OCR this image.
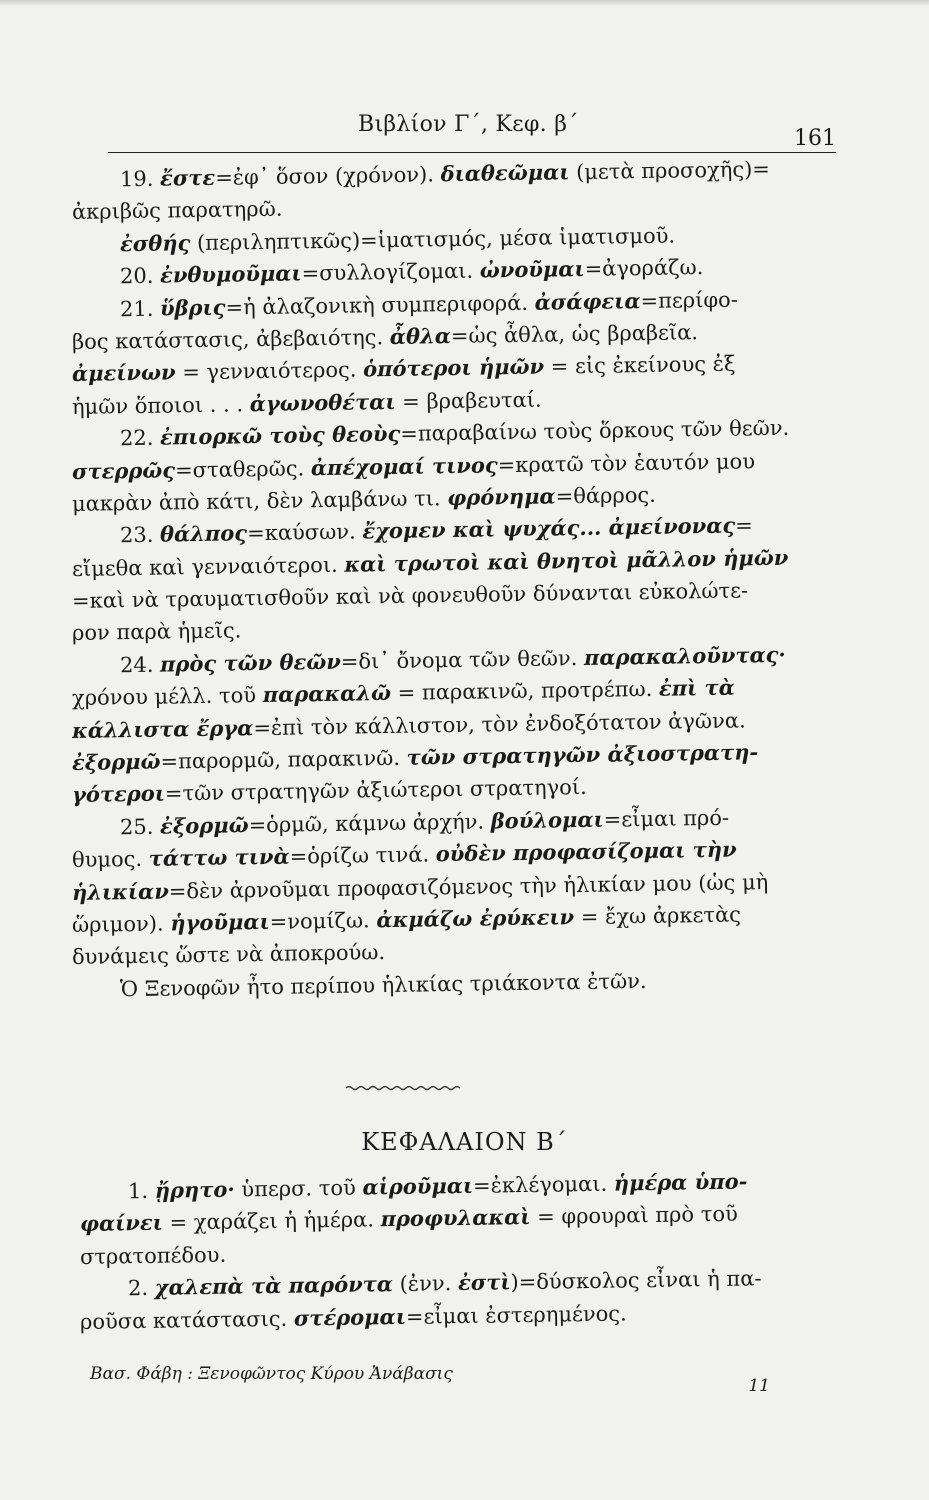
Βιβλίον Γ΄, Κεφ. β΄
161
19. ἔστε=ἐφ᾽ ὅσον (χρόνον). διαθεῶμαι (μετὰ προσοχῆς)=
ἀκριβῶς παρατηρῶ.
ἐσθής (περιληπτικῶς)=ἱματισμός, μέσα ἱματισμοῦ.
20. ἐνθυμοῦμαι=συλλογίζομαι. ὠνοῦμαι=ἀγοράζω.
21. ὕβρις=ἡ ἀλαζονικὴ συμπεριφορά. ἀσάφεια=περίφο-
βος κατάστασις, ἀβεβαιότης. ἆθλα=ὡς ἆθλα, ὡς βραβεῖα.
ἀμείνων = γενναιότερος. ὁπότεροι ἡμῶν = εἰς ἐκείνους ἐξ
ἡμῶν ὅποιοι . . . ἀγωνοθέται = βραβευταί.
22. ἐπιορκῶ τοὺς θεοὺς=παραβαίνω τοὺς ὅρκους τῶν θεῶν.
στερρῶς=σταθερῶς. ἀπέχομαί τινος=κρατῶ τὸν ἑαυτόν μου
μακρὰν ἀπὸ κάτι, δὲν λαμβάνω τι. φρόνημα=θάρρος.
23. θάλπος=καύσων. ἔχομεν καὶ ψυχάς... ἀμείνονας=
εἴμεθα καὶ γενναιότεροι. καὶ τρωτοὶ καὶ θνητοὶ μᾶλλον ἡμῶν
=καὶ νὰ τραυματισθοῦν καὶ νὰ φονευθοῦν δύνανται εὐκολώτε-
ρον παρὰ ἡμεῖς.
24. πρὸς τῶν θεῶν=δι᾽ ὄνομα τῶν θεῶν. παρακαλοῦντας·
χρόνου μέλλ. τοῦ παρακαλῶ = παρακινῶ, προτρέπω. ἐπὶ τὰ
κάλλιστα ἔργα=ἐπὶ τὸν κάλλιστον, τὸν ἐνδοξότατον ἀγῶνα.
ἐξορμῶ=παρορμῶ, παρακινῶ. τῶν στρατηγῶν ἀξιοστρατη-
γότεροι=τῶν στρατηγῶν ἀξιώτεροι στρατηγοί.
25. ἐξορμῶ=ὁρμῶ, κάμνω ἀρχήν. βούλομαι=εἶμαι πρό-
θυμος. τάττω τινὰ=ὁρίζω τινά. οὐδὲν προφασίζομαι τὴν
ἡλικίαν=δὲν ἀρνοῦμαι προφασιζόμενος τὴν ἡλικίαν μου (ὡς μὴ
ὥριμον). ἡγοῦμαι=νομίζω. ἀκμάζω ἐρύκειν = ἔχω ἀρκετὰς
δυνάμεις ὥστε νὰ ἀποκρούω.
Ὁ Ξενοφῶν ἦτο περίπου ἡλικίας τριάκοντα ἐτῶν.
ΚΕΦΑΛΑΙΟΝ Β΄
1. ᾔρητο· ὑπερσ. τοῦ αἱροῦμαι=ἐκλέγομαι. ἡμέρα ὑπο-
φαίνει = χαράζει ἡ ἡμέρα. προφυλακαὶ = φρουραὶ πρὸ τοῦ
στρατοπέδου.
2. χαλεπὰ τὰ παρόντα (ἐνν. ἐστὶ)=δύσκολος εἶναι ἡ πα-
ροῦσα κατάστασις. στέρομαι=εἶμαι ἐστερημένος.
Βασ. Φάβη : Ξενοφῶντος Κύρου Ἀνάβασις
11
